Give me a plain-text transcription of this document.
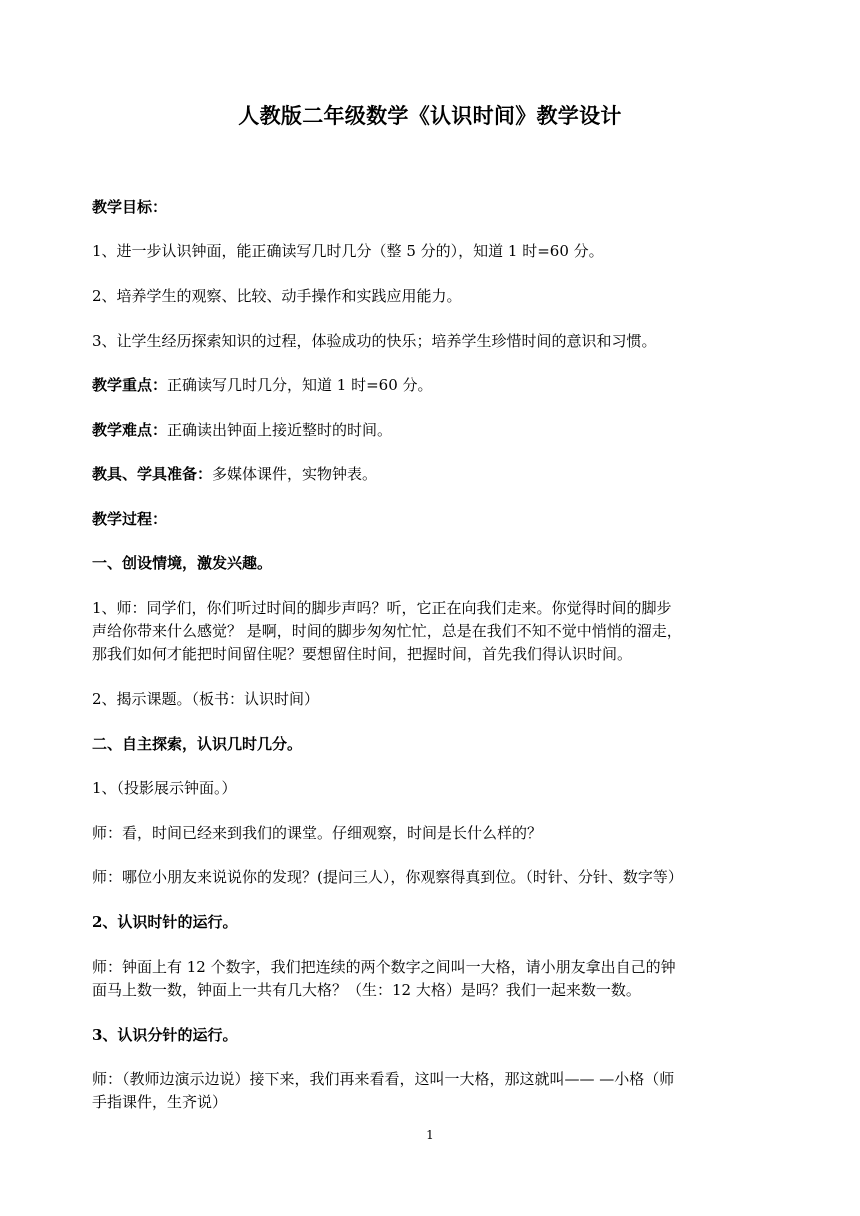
人教版二年级数学《认识时间》教学设计

教学目标：

1、进一步认识钟面，能正确读写几时几分（整 5 分的），知道 1 时=60 分。

2、培养学生的观察、比较、动手操作和实践应用能力。

3、让学生经历探索知识的过程，体验成功的快乐；培养学生珍惜时间的意识和习惯。

教学重点：正确读写几时几分，知道 1 时=60 分。

教学难点：正确读出钟面上接近整时的时间。

教具、学具准备：多媒体课件，实物钟表。

教学过程：

一、创设情境，激发兴趣。

1、师：同学们，你们听过时间的脚步声吗？听，它正在向我们走来。你觉得时间的脚步

声给你带来什么感觉？ 是啊，时间的脚步匆匆忙忙，总是在我们不知不觉中悄悄的溜走，

那我们如何才能把时间留住呢？要想留住时间，把握时间，首先我们得认识时间。

2、揭示课题。（板书：认识时间）

二、自主探索，认识几时几分。

1、（投影展示钟面。）

师：看，时间已经来到我们的课堂。仔细观察，时间是长什么样的？

师：哪位小朋友来说说你的发现？(提问三人），你观察得真到位。（时针、分针、数字等）

2、认识时针的运行。

师：钟面上有 12 个数字，我们把连续的两个数字之间叫一大格，请小朋友拿出自己的钟

面马上数一数，钟面上一共有几大格？（生：12 大格）是吗？我们一起来数一数。

3、认识分针的运行。

师：（教师边演示边说）接下来，我们再来看看，这叫一大格，那这就叫—— —小格（师

手指课件，生齐说）

1
